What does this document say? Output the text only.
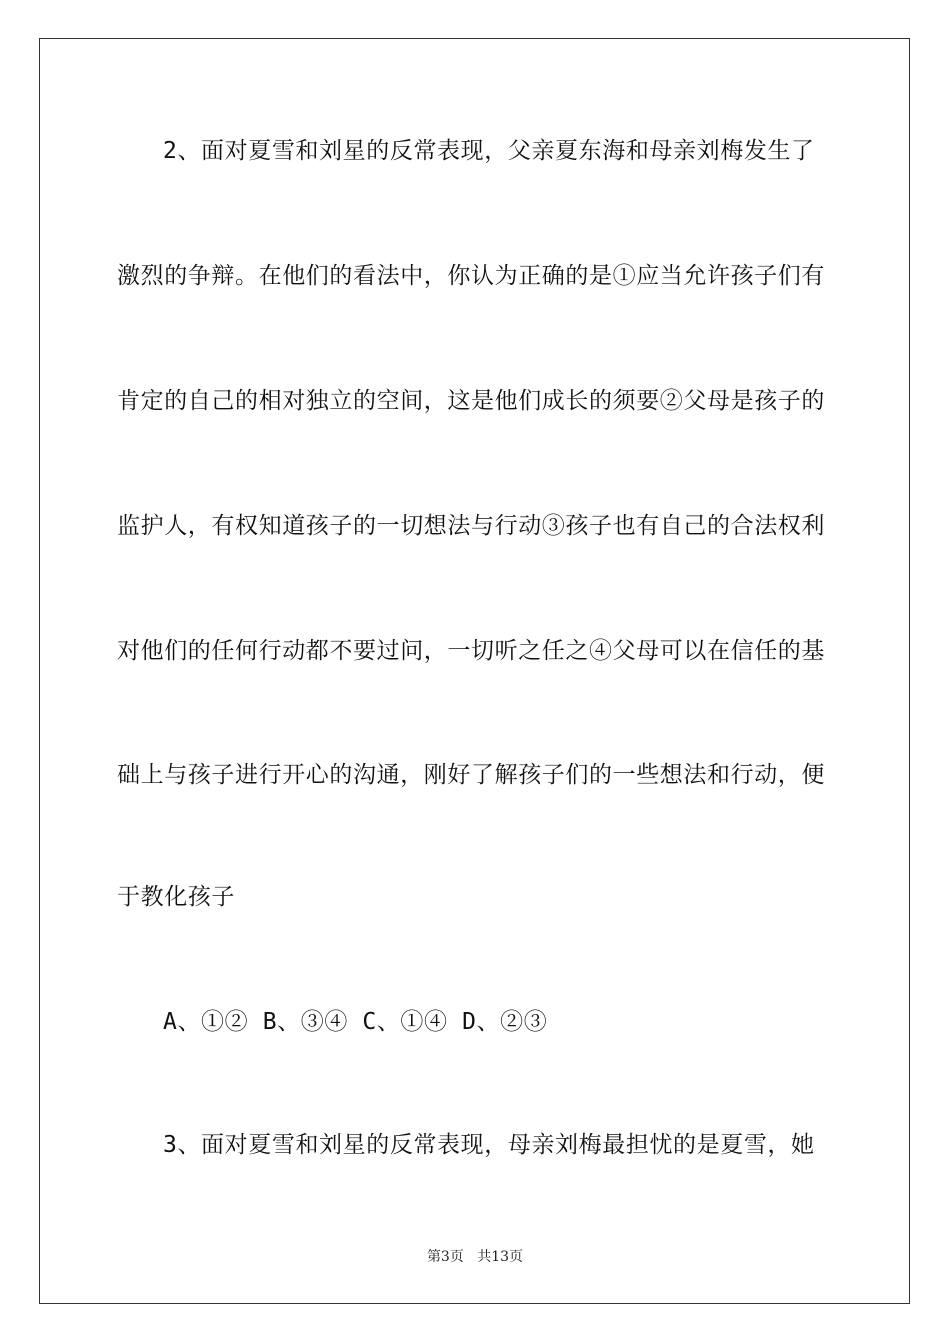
2、面对夏雪和刘星的反常表现，父亲夏东海和母亲刘梅发生了
激烈的争辩。在他们的看法中，你认为正确的是①应当允许孩子们有
肯定的自己的相对独立的空间，这是他们成长的须要②父母是孩子的
监护人，有权知道孩子的一切想法与行动③孩子也有自己的合法权利
对他们的任何行动都不要过问，一切听之任之④父母可以在信任的基
础上与孩子进行开心的沟通，刚好了解孩子们的一些想法和行动，便
于教化孩子
A、①② B、③④ C、①④ D、②③
3、面对夏雪和刘星的反常表现，母亲刘梅最担忧的是夏雪，她
第3页 共13页
